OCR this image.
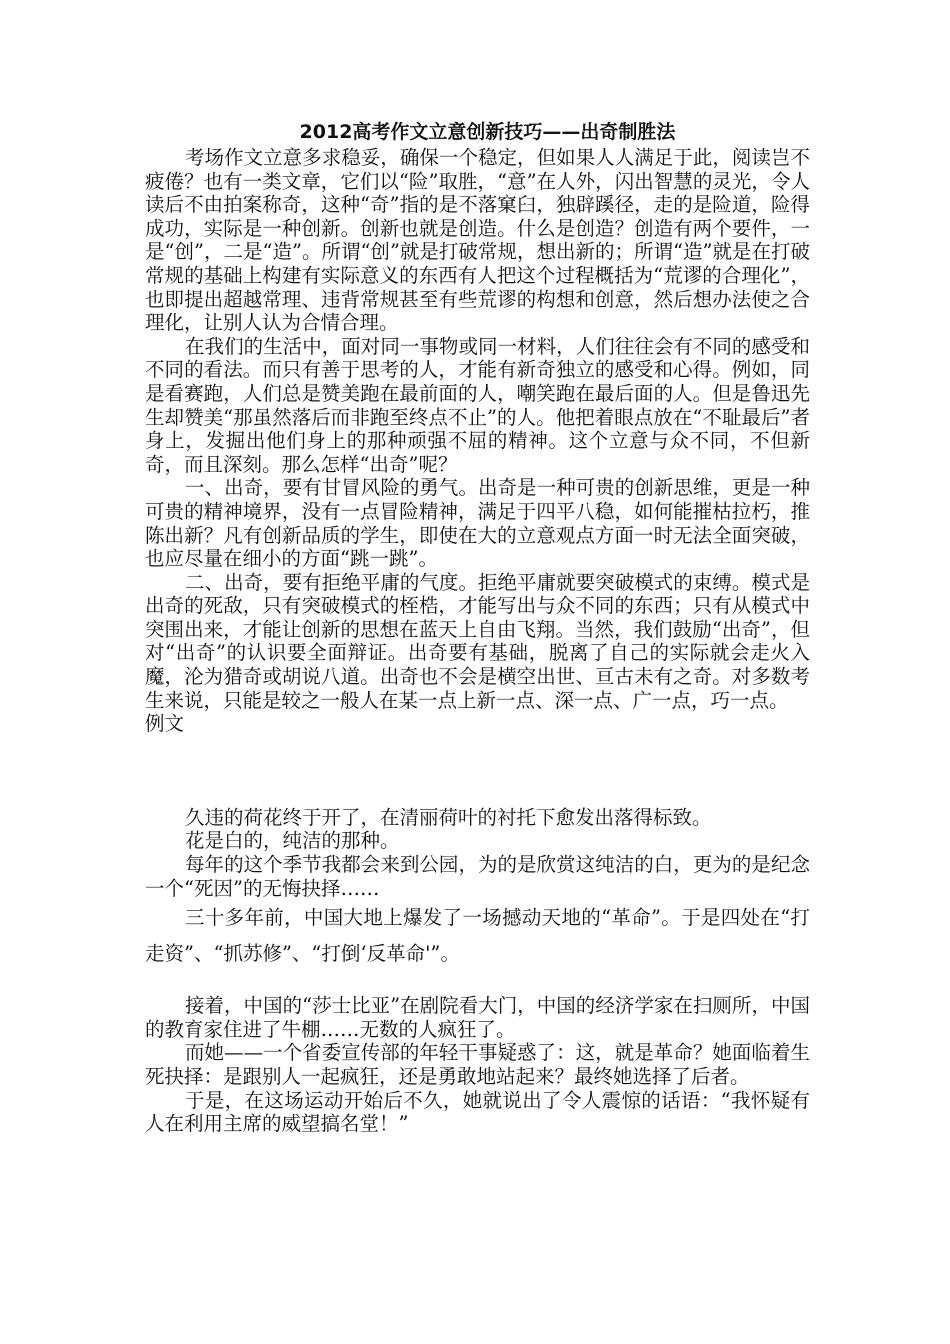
2012高考作文立意创新技巧——出奇制胜法

考场作文立意多求稳妥，确保一个稳定，但如果人人满足于此，阅读岂不疲倦？也有一类文章，它们以“险”取胜，“意”在人外，闪出智慧的灵光，令人读后不由拍案称奇，这种“奇”指的是不落窠臼，独辟蹊径，走的是险道，险得成功，实际是一种创新。创新也就是创造。什么是创造？创造有两个要件，一是“创”，二是“造”。所谓“创”就是打破常规，想出新的；所谓“造”就是在打破常规的基础上构建有实际意义的东西有人把这个过程概括为“荒谬的合理化”，也即提出超越常理、违背常规甚至有些荒谬的构想和创意，然后想办法使之合理化，让别人认为合情合理。

在我们的生活中，面对同一事物或同一材料，人们往往会有不同的感受和不同的看法。而只有善于思考的人，才能有新奇独立的感受和心得。例如，同是看赛跑，人们总是赞美跑在最前面的人，嘲笑跑在最后面的人。但是鲁迅先生却赞美“那虽然落后而非跑至终点不止”的人。他把着眼点放在“不耻最后”者身上，发掘出他们身上的那种顽强不屈的精神。这个立意与众不同，不但新奇，而且深刻。那么怎样“出奇”呢？

一、出奇，要有甘冒风险的勇气。出奇是一种可贵的创新思维，更是一种可贵的精神境界，没有一点冒险精神，满足于四平八稳，如何能摧枯拉朽，推陈出新？凡有创新品质的学生，即使在大的立意观点方面一时无法全面突破，也应尽量在细小的方面“跳一跳”。

二、出奇，要有拒绝平庸的气度。拒绝平庸就要突破模式的束缚。模式是出奇的死敌，只有突破模式的桎梏，才能写出与众不同的东西；只有从模式中突围出来，才能让创新的思想在蓝天上自由飞翔。当然，我们鼓励“出奇”，但对“出奇”的认识要全面辩证。出奇要有基础，脱离了自己的实际就会走火入魔，沦为猎奇或胡说八道。出奇也不会是横空出世、亘古未有之奇。对多数考生来说，只能是较之一般人在某一点上新一点、深一点、广一点，巧一点。

例文

久违的荷花终于开了，在清丽荷叶的衬托下愈发出落得标致。

花是白的，纯洁的那种。

每年的这个季节我都会来到公园，为的是欣赏这纯洁的白，更为的是纪念一个“死因”的无悔抉择……

三十多年前，中国大地上爆发了一场撼动天地的“革命”。于是四处在“打走资”、“抓苏修”、“打倒‘反革命'”。

接着，中国的“莎士比亚”在剧院看大门，中国的经济学家在扫厕所，中国的教育家住进了牛棚……无数的人疯狂了。

而她——一个省委宣传部的年轻干事疑惑了：这，就是革命？她面临着生死抉择：是跟别人一起疯狂，还是勇敢地站起来？最终她选择了后者。

于是，在这场运动开始后不久，她就说出了令人震惊的话语：“我怀疑有人在利用主席的威望搞名堂！”
